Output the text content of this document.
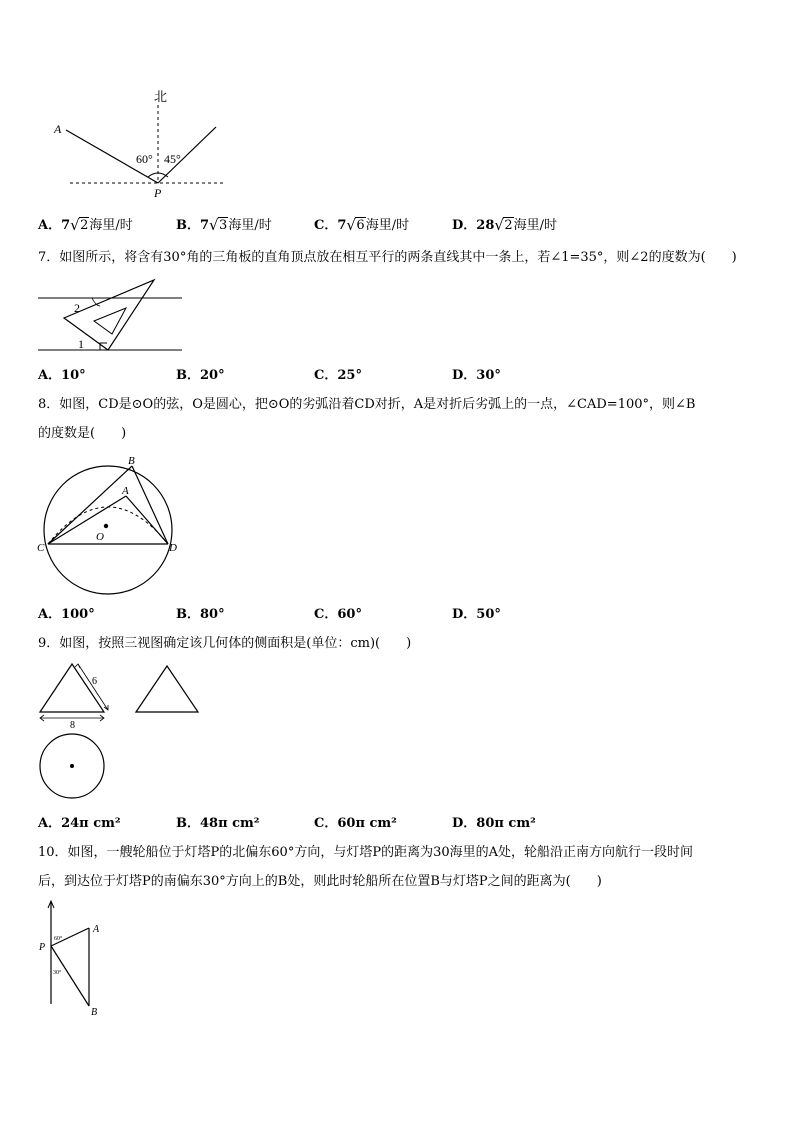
北
A
P
60° 45°
A．7 √ 2海里/时	B．7 √ 3海里/时	C．7 √ 6海里/时	D．28 √ 2海里/时
7．如图所示，将含有30°角的三角板的直角顶点放在相互平行的两条直线其中一条上，若∠1=35°，则∠2的度数为(　　)
2
1
A．10°	B．20°	C．25°	D．30°
8．如图，CD是⊙O的弦，O是圆心，把⊙O的劣弧沿着CD对折，A是对折后劣弧上的一点，∠CAD=100°，则∠B
的度数是(　　)
B
A
O
C	D
A．100°	B．80°	C．60°	D．50°
9．如图，按照三视图确定该几何体的侧面积是(单位：cm)(　　)
6
8
A．24π cm²	B．48π cm²	C．60π cm²	D．80π cm²
10．如图，一艘轮船位于灯塔P的北偏东60°方向，与灯塔P的距离为30海里的A处，轮船沿正南方向航行一段时间
后，到达位于灯塔P的南偏东30°方向上的B处，则此时轮船所在位置B与灯塔P之间的距离为(　　)
P
A
B
60°
30°
